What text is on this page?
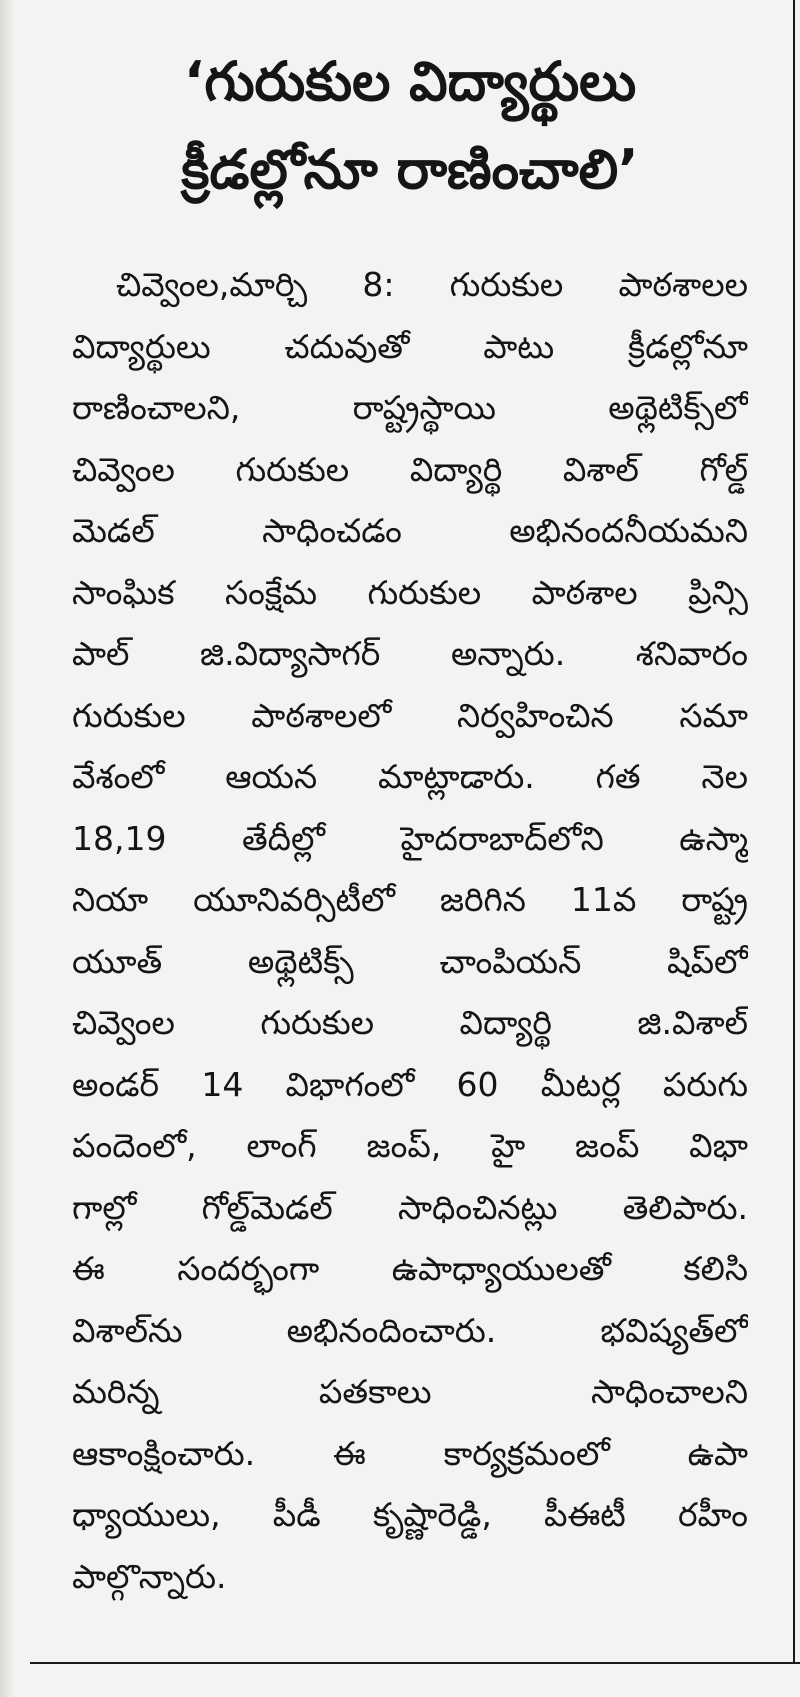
‘గురుకుల విద్యార్థులు
క్రీడల్లోనూ రాణించాలి’
చివ్వెంల,మార్చి 8: గురుకుల పాఠశాలల
విద్యార్థులు చదువుతో పాటు క్రీడల్లోనూ
రాణించాలని, రాష్ట్రస్థాయి అథ్లెటిక్స్‌లో
చివ్వెంల గురుకుల విద్యార్థి విశాల్ గోల్డ్
మెడల్ సాధించడం అభినందనీయమని
సాంఘిక సంక్షేమ గురుకుల పాఠశాల ప్రిన్సి
పాల్ జి.విద్యాసాగర్ అన్నారు. శనివారం
గురుకుల పాఠశాలలో నిర్వహించిన సమా
వేశంలో ఆయన మాట్లాడారు. గత నెల
18,19 తేదీల్లో హైదరాబాద్‌లోని ఉస్మా
నియా యూనివర్సిటీలో జరిగిన 11వ రాష్ట్ర
యూత్ అథ్లెటిక్స్ చాంపియన్ షిప్‌లో
చివ్వెంల గురుకుల విద్యార్థి జి.విశాల్
అండర్ 14 విభాగంలో 60 మీటర్ల పరుగు
పందెంలో, లాంగ్ జంప్, హై జంప్ విభా
గాల్లో గోల్డ్‌మెడల్ సాధించినట్లు తెలిపారు.
ఈ సందర్భంగా ఉపాధ్యాయులతో కలిసి
విశాల్‌ను అభినందించారు. భవిష్యత్‌లో
మరిన్న పతకాలు సాధించాలని
ఆకాంక్షించారు. ఈ కార్యక్రమంలో ఉపా
ధ్యాయులు, పీడీ కృష్ణారెడ్డి, పీఈటీ రహీం
పాల్గొన్నారు.
